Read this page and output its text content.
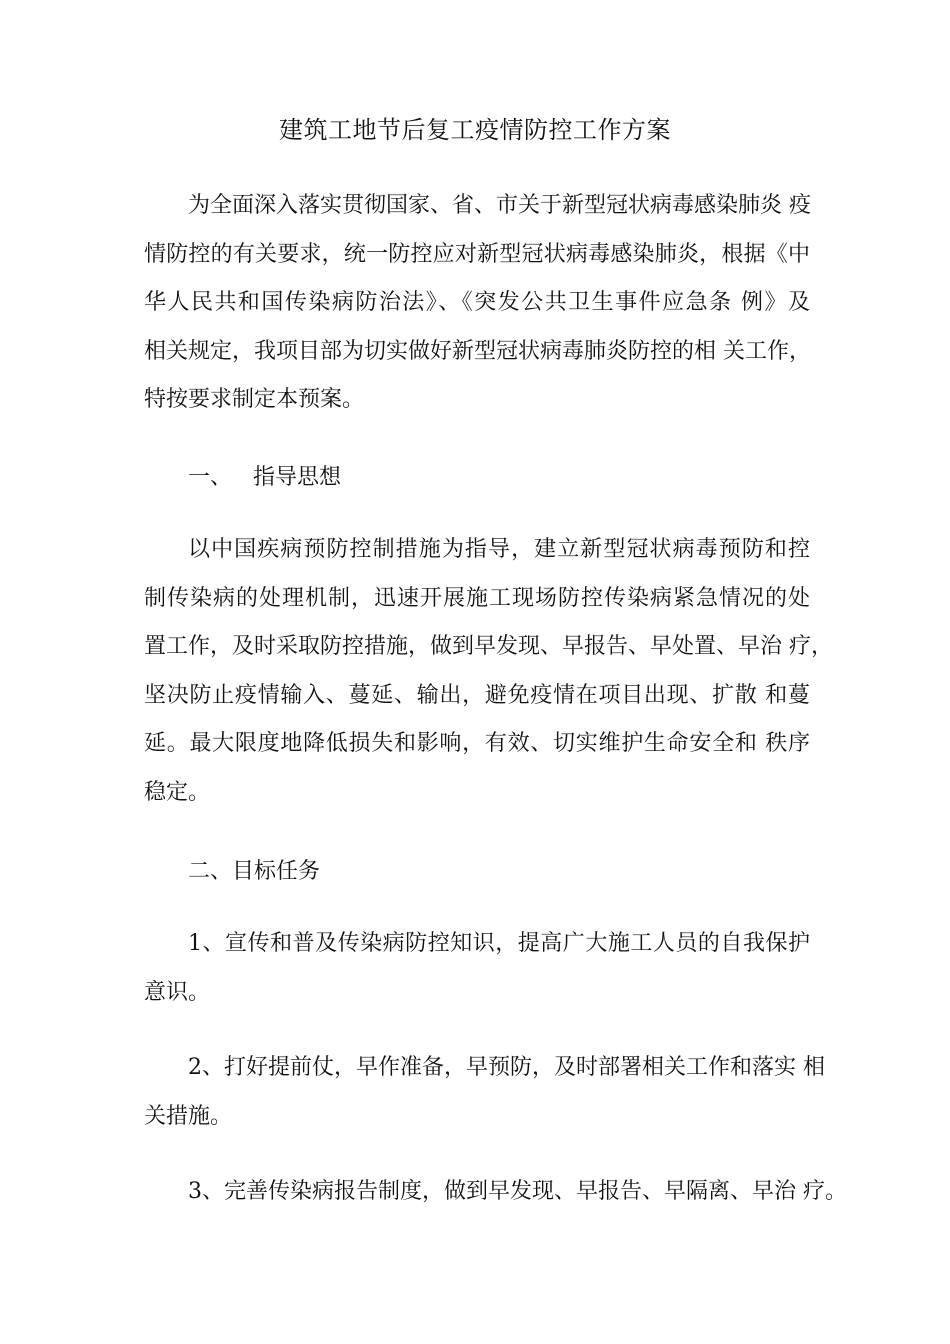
建筑工地节后复工疫情防控工作方案
为全面深入落实贯彻国家、省、市关于新型冠状病毒感染肺炎 疫
情防控的有关要求，统一防控应对新型冠状病毒感染肺炎，根据《中
华人民共和国传染病防治法》、《突发公共卫生事件应急条 例》及
相关规定，我项目部为切实做好新型冠状病毒肺炎防控的相 关工作，
特按要求制定本预案。
一、   指导思想
以中国疾病预防控制措施为指导，建立新型冠状病毒预防和控
制传染病的处理机制，迅速开展施工现场防控传染病紧急情况的处
置工作，及时采取防控措施，做到早发现、早报告、早处置、早治 疗，
坚决防止疫情输入、蔓延、输出，避免疫情在项目出现、扩散 和蔓
延。最大限度地降低损失和影响，有效、切实维护生命安全和 秩序
稳定。
二、目标任务
1、宣传和普及传染病防控知识，提高广大施工人员的自我保护
意识。
2、打好提前仗，早作准备，早预防，及时部署相关工作和落实 相
关措施。
3、完善传染病报告制度，做到早发现、早报告、早隔离、早治 疗。
